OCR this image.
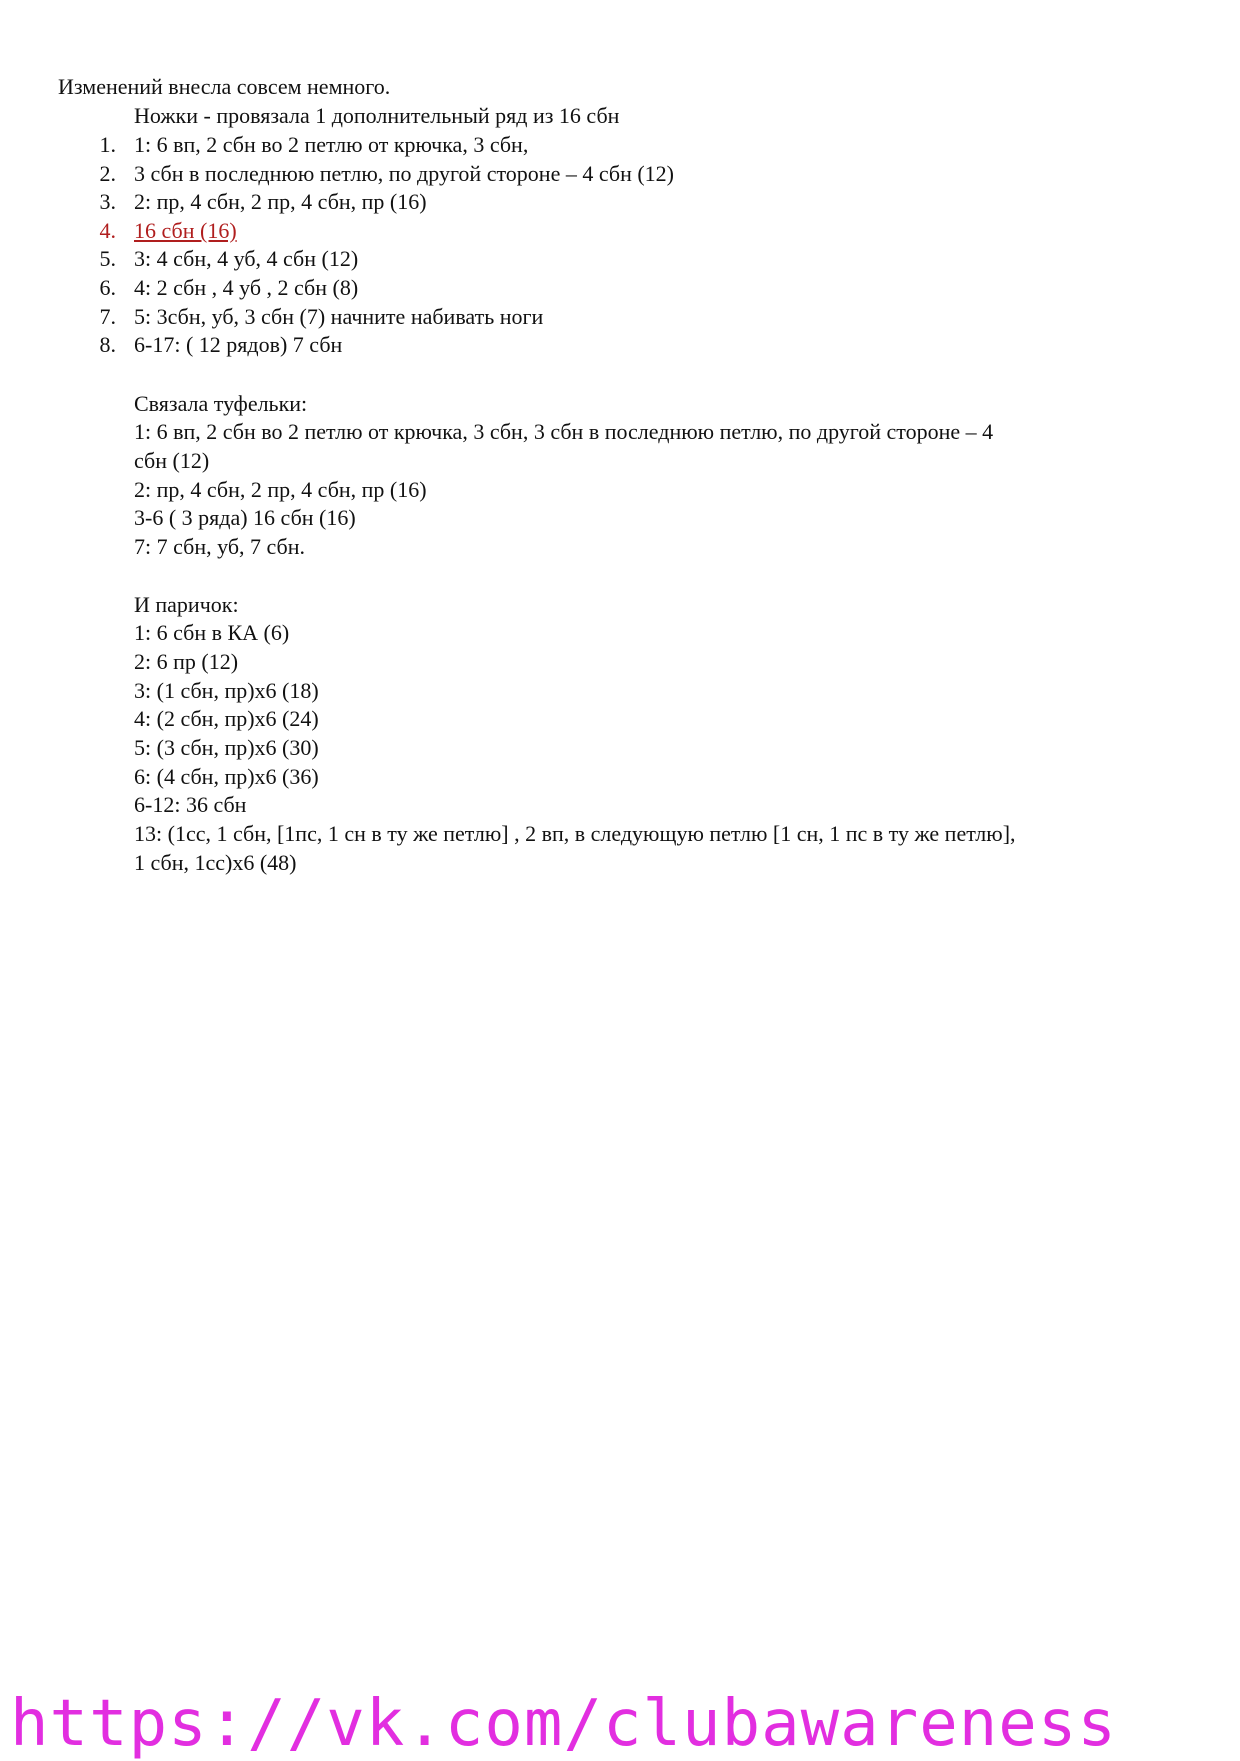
Изменений внесла совсем немного.
Ножки - провязала 1 дополнительный ряд из 16 сбн
1. 1: 6 вп, 2 сбн во 2 петлю от крючка, 3 сбн,
2. 3 сбн в последнюю петлю, по другой стороне – 4 сбн (12)
3. 2: пр, 4 сбн, 2 пр, 4 сбн, пр (16)
4. 16 сбн (16)
5. 3: 4 сбн, 4 уб, 4 сбн (12)
6. 4: 2 сбн , 4 уб , 2 сбн (8)
7. 5: 3сбн, уб, 3 сбн (7) начните набивать ноги
8. 6-17: ( 12 рядов) 7 сбн
Связала туфельки:
1: 6 вп, 2 сбн во 2 петлю от крючка, 3 сбн, 3 сбн в последнюю петлю, по другой стороне – 4
сбн (12)
2: пр, 4 сбн, 2 пр, 4 сбн, пр (16)
3-6 ( 3 ряда) 16 сбн (16)
7: 7 сбн, уб, 7 сбн.
И паричок:
1: 6 сбн в КА (6)
2: 6 пр (12)
3: (1 сбн, пр)х6 (18)
4: (2 сбн, пр)х6 (24)
5: (3 сбн, пр)х6 (30)
6: (4 сбн, пр)х6 (36)
6-12: 36 сбн
13: (1сс, 1 сбн, [1пс, 1 сн в ту же петлю] , 2 вп, в следующую петлю [1 сн, 1 пс в ту же петлю],
1 сбн, 1сс)х6 (48)
https://vk.com/clubawareness
